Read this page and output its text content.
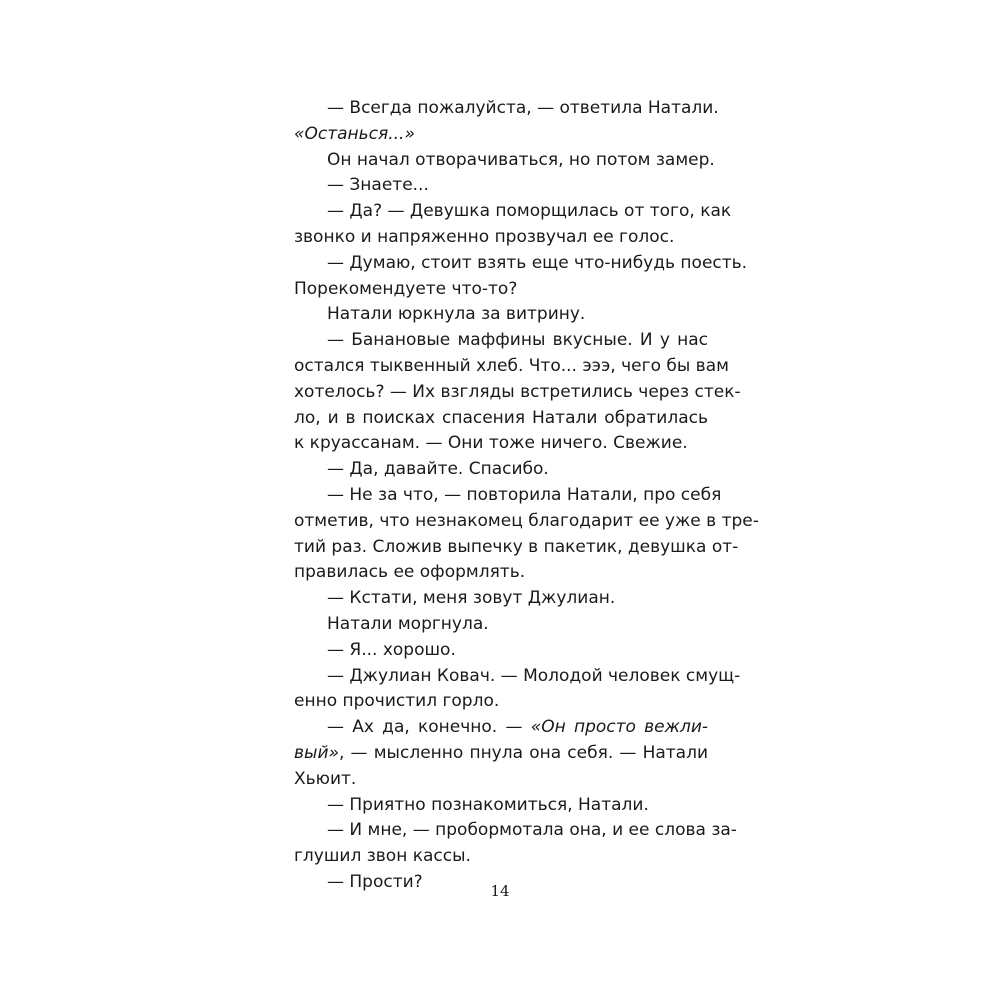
— Всегда пожалуйста, — ответила Натали.
«Останься...»
Он начал отворачиваться, но потом замер.
— Знаете...
— Да? — Девушка поморщилась от того, как
звонко и напряженно прозвучал ее голос.
— Думаю, стоит взять еще что-нибудь поесть.
Порекомендуете что-то?
Натали юркнула за витрину.
— Банановые маффины вкусные. И у нас
остался тыквенный хлеб. Что... эээ, чего бы вам
хотелось? — Их взгляды встретились через стек-
ло, и в поисках спасения Натали обратилась
к круассанам. — Они тоже ничего. Свежие.
— Да, давайте. Спасибо.
— Не за что, — повторила Натали, про себя
отметив, что незнакомец благодарит ее уже в тре-
тий раз. Сложив выпечку в пакетик, девушка от-
правилась ее оформлять.
— Кстати, меня зовут Джулиан.
Натали моргнула.
— Я... хорошо.
— Джулиан Ковач. — Молодой человек смущ-
енно прочистил горло.
— Ах да, конечно. — «Он просто вежли-
вый», — мысленно пнула она себя. — Натали
Хьюит.
— Приятно познакомиться, Натали.
— И мне, — пробормотала она, и ее слова за-
глушил звон кассы.
— Прости?	14
